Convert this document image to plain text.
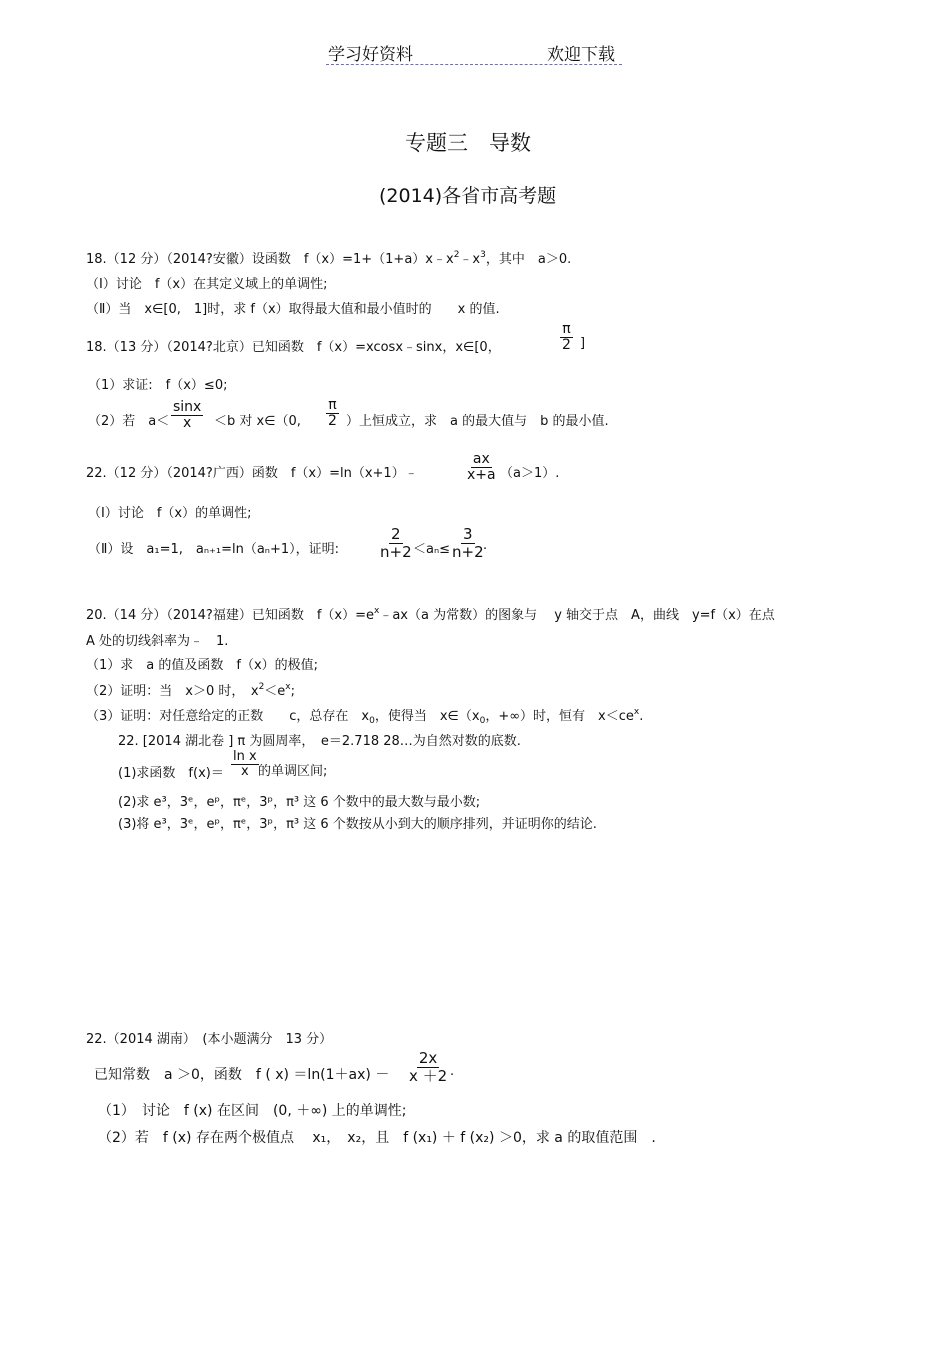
学习好资料	欢迎下载
专题三　导数
(2014)各省市高考题
18.（12 分）（2014?安徽）设函数　$f(x)=1+(1+a)x﹣x^2﹣x^3$，其中　a＞0.
（Ⅰ）讨论　f（x）在其定义域上的单调性;
（Ⅱ）当　x∈[0,　1]时，求 f（x）取得最大值和最小值时的　　x 的值.
18.（13 分）（2014?北京）已知函数　f（x）=xcosx﹣sinx，x∈[0，	$\frac{\pi}{2}$ ]
（1）求证:　f（x）≤0;
（2）若　$a< \frac{\sin x}{x} <b$ 对 x∈（0, $\frac{\pi}{2}$ ）上恒成立，求　a 的最大值与　b 的最小值.
22.（12 分）（2014?广西）函数　f（x）=ln（x+1）﹣	$\frac{ax}{x+a} (a>1)$.
（Ⅰ）讨论　f（x）的单调性;
（Ⅱ）设　a₁=1,　aₙ₊₁=ln（aₙ+1），证明:	$\frac{2}{n+2} <a_n\le \frac{3}{n+2}$
.
20.（14 分）（2014?福建）已知函数　$f(x)=e^x﹣ax(a$ 为常数）的图象与　 y 轴交于点　A，曲线　y=f（x）在点
A 处的切线斜率为﹣　1.
（1）求　a 的值及函数　f（x）的极值;
（2）证明：当　x＞0 时，　$x^2<e^x$;
（3）证明：对任意给定的正数　　c，总存在　$x_0$，使得当　$x\in(x_0$，+∞）时，恒有　$x<ce^x$.
22. [2014 湖北卷 ] π 为圆周率，　e＝2.718 28…为自然对数的底数.
(1)求函数　$f(x)= \frac{\text{ln x}}{x}$ 的单调区间;
(2)求 e³，3ᵉ，eᵖ，πᵉ，3ᵖ，π³ 这 6 个数中的最大数与最小数;
(3)将 e³，3ᵉ，eᵖ，πᵉ，3ᵖ，π³ 这 6 个数按从小到大的顺序排列，并证明你的结论.
22.（2014 湖南）　(本小题满分　13 分）
已知常数　a ＞0，函数　f ( $x) =\ln(1+ax) - \frac{2x}{x +2}$ .
（1）　讨论　f (x) 在区间　(0, ＋∞) 上的单调性;
（2）若　f (x) 存在两个极值点　 x₁，　x₂，且　f (x₁) ＋ f (x₂) ＞0，求 a 的取值范围　.
